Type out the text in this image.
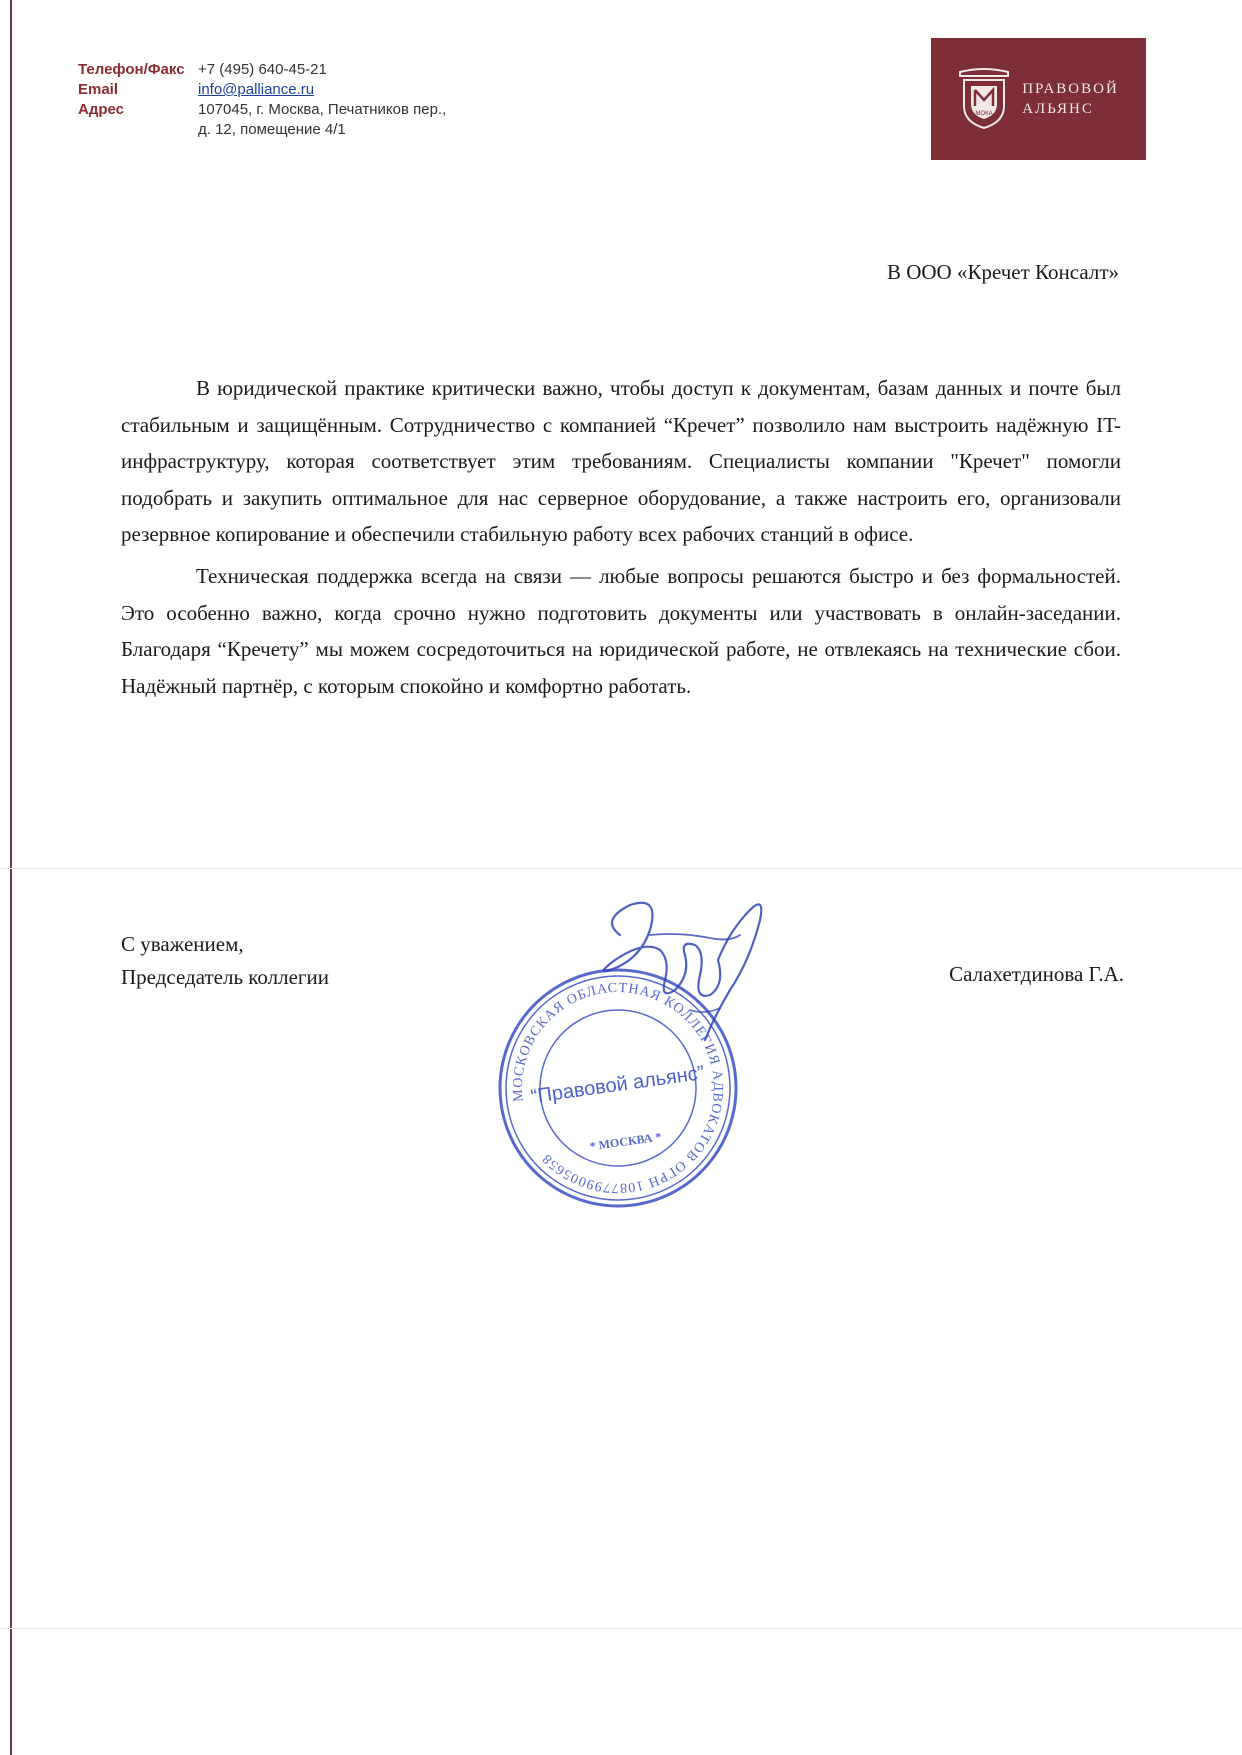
Телефон/Факс +7 (495) 640-45-21
Email	info@palliance.ru
Адрес	107045, г. Москва, Печатников пер.,
д. 12, помещение 4/1
МОКА
ПРАВОВОЙ
АЛЬЯНС
В ООО «Кречет Консалт»

В юридической практике критически важно, чтобы доступ к документам, базам данных и почте был стабильным и защищённым. Сотрудничество с компанией “Кречет” позволило нам выстроить надёжную IT-инфраструктуру, которая соответствует этим требованиям. Специалисты компании "Кречет" помогли подобрать и закупить оптимальное для нас серверное оборудование, а также настроить его, организовали резервное копирование и обеспечили стабильную работу всех рабочих станций в офисе.

Техническая поддержка всегда на связи — любые вопросы решаются быстро и без формальностей. Это особенно важно, когда срочно нужно подготовить документы или участвовать в онлайн-заседании. Благодаря “Кречету” мы можем сосредоточиться на юридической работе, не отвлекаясь на технические сбои. Надёжный партнёр, с которым спокойно и комфортно работать.

С уважением,
Председатель коллегии	Салахетдинова Г.А.
МОСКОВСКАЯ ОБЛАСТНАЯ КОЛЛЕГИЯ АДВОКАТОВ ОГРН 1087799005658
“Правовой альянс”
* МОСКВА *
